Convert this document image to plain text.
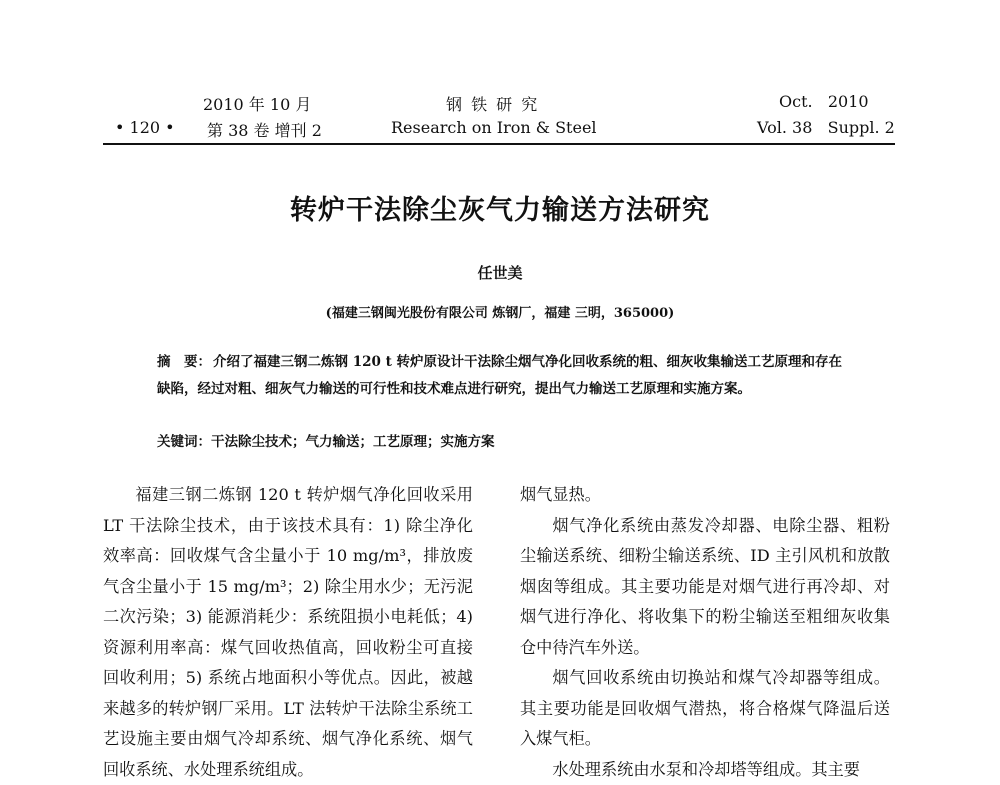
2010 年 10 月
• 120 • 第 38 卷 增刊 2
钢 铁 研 究
Research on Iron & Steel
Oct.   2010
Vol. 38   Suppl. 2
转炉干法除尘灰气力输送方法研究
任世美
(福建三钢闽光股份有限公司 炼钢厂，福建 三明，365000)
摘　要： 介绍了福建三钢二炼钢 120 t 转炉原设计干法除尘烟气净化回收系统的粗、细灰收集输送工艺原理和存在缺陷，经过对粗、细灰气力输送的可行性和技术难点进行研究，提出气力输送工艺原理和实施方案。
关键词：干法除尘技术；气力输送；工艺原理；实施方案

福建三钢二炼钢 120 t 转炉烟气净化回收采用 LT 干法除尘技术，由于该技术具有：1) 除尘净化效率高：回收煤气含尘量小于 10 mg/m³，排放废气含尘量小于 15 mg/m³；2) 除尘用水少；无污泥二次污染；3) 能源消耗少：系统阻损小电耗低；4) 资源利用率高：煤气回收热值高，回收粉尘可直接回收利用；5) 系统占地面积小等优点。因此，被越来越多的转炉钢厂采用。LT 法转炉干法除尘系统工艺设施主要由烟气冷却系统、烟气净化系统、烟气回收系统、水处理系统组成。

烟气显热。

烟气净化系统由蒸发冷却器、电除尘器、粗粉尘输送系统、细粉尘输送系统、ID 主引风机和放散烟囱等组成。其主要功能是对烟气进行再冷却、对烟气进行净化、将收集下的粉尘输送至粗细灰收集仓中待汽车外送。

烟气回收系统由切换站和煤气冷却器等组成。其主要功能是回收烟气潜热，将合格煤气降温后送入煤气柜。

水处理系统由水泵和冷却塔等组成。其主要
